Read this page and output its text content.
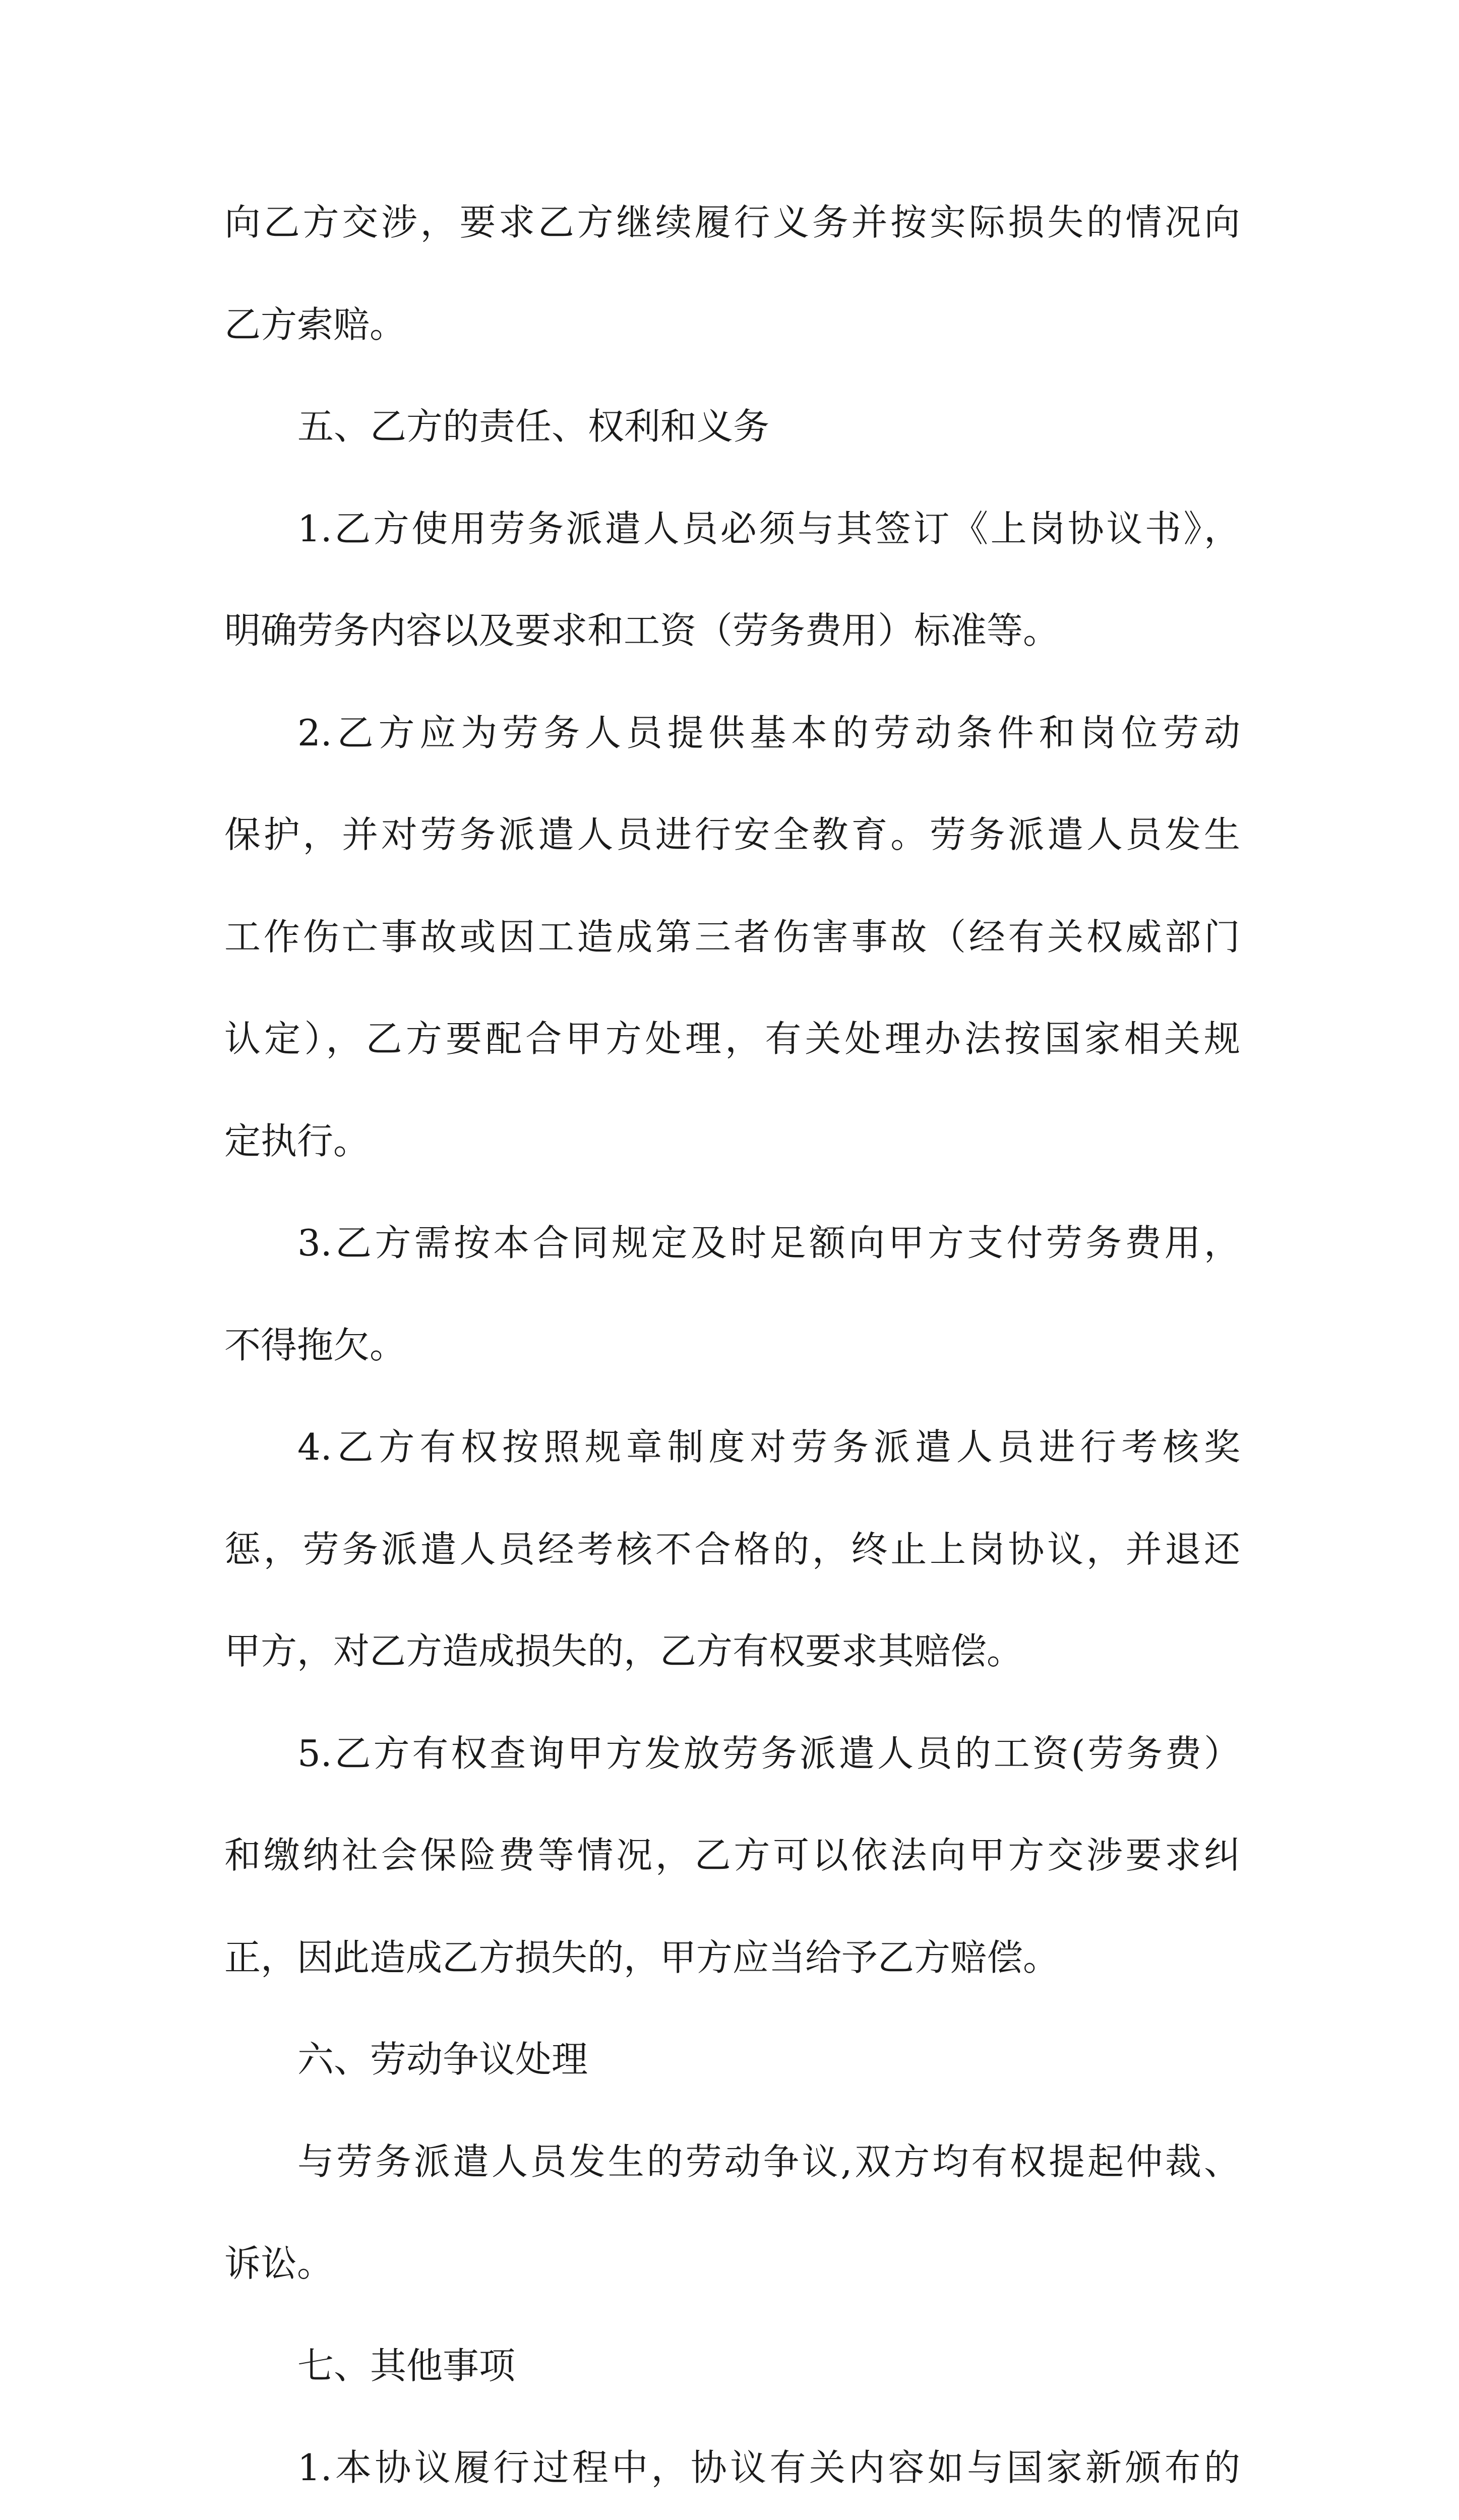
向乙方交涉，要求乙方继续履行义务并按实际损失的情况向
乙方索赔。
五、乙方的责任、权利和义务
1.乙方使用劳务派遣人员必须与其签订《上岗协议书》，
明确劳务内容以及要求和工资（劳务费用）标准等。
2.乙方应为劳务人员提供基本的劳动条件和岗位劳动
保护，并对劳务派遣人员进行安全教育。劳务派遣人员发生
工作伤亡事故或因工造成第三者伤害事故（经有关权威部门
认定），乙方要配合甲方处理，有关处理办法按国家相关规
定执行。
3.乙方需按本合同规定及时足额向甲方支付劳务费用，
不得拖欠。
4.乙方有权按照规章制度对劳务派遣人员进行考核奖
惩，劳务派遣人员经考核不合格的，终止上岗协议，并退还
甲方，对乙方造成损失的，乙方有权要求其赔偿。
5.乙方有权查询甲方发放劳务派遣人员的工资(劳务费）
和缴纳社会保险费等情况，乙方可以依法向甲方交涉要求纠
正，因此造成乙方损失的，甲方应当给予乙方赔偿。
六、劳动争议处理
与劳务派遣人员发生的劳动争议,双方均有权提起仲裁、
诉讼。
七、其他事项
1.本协议履行过程中，协议有关内容如与国家新颁布的
